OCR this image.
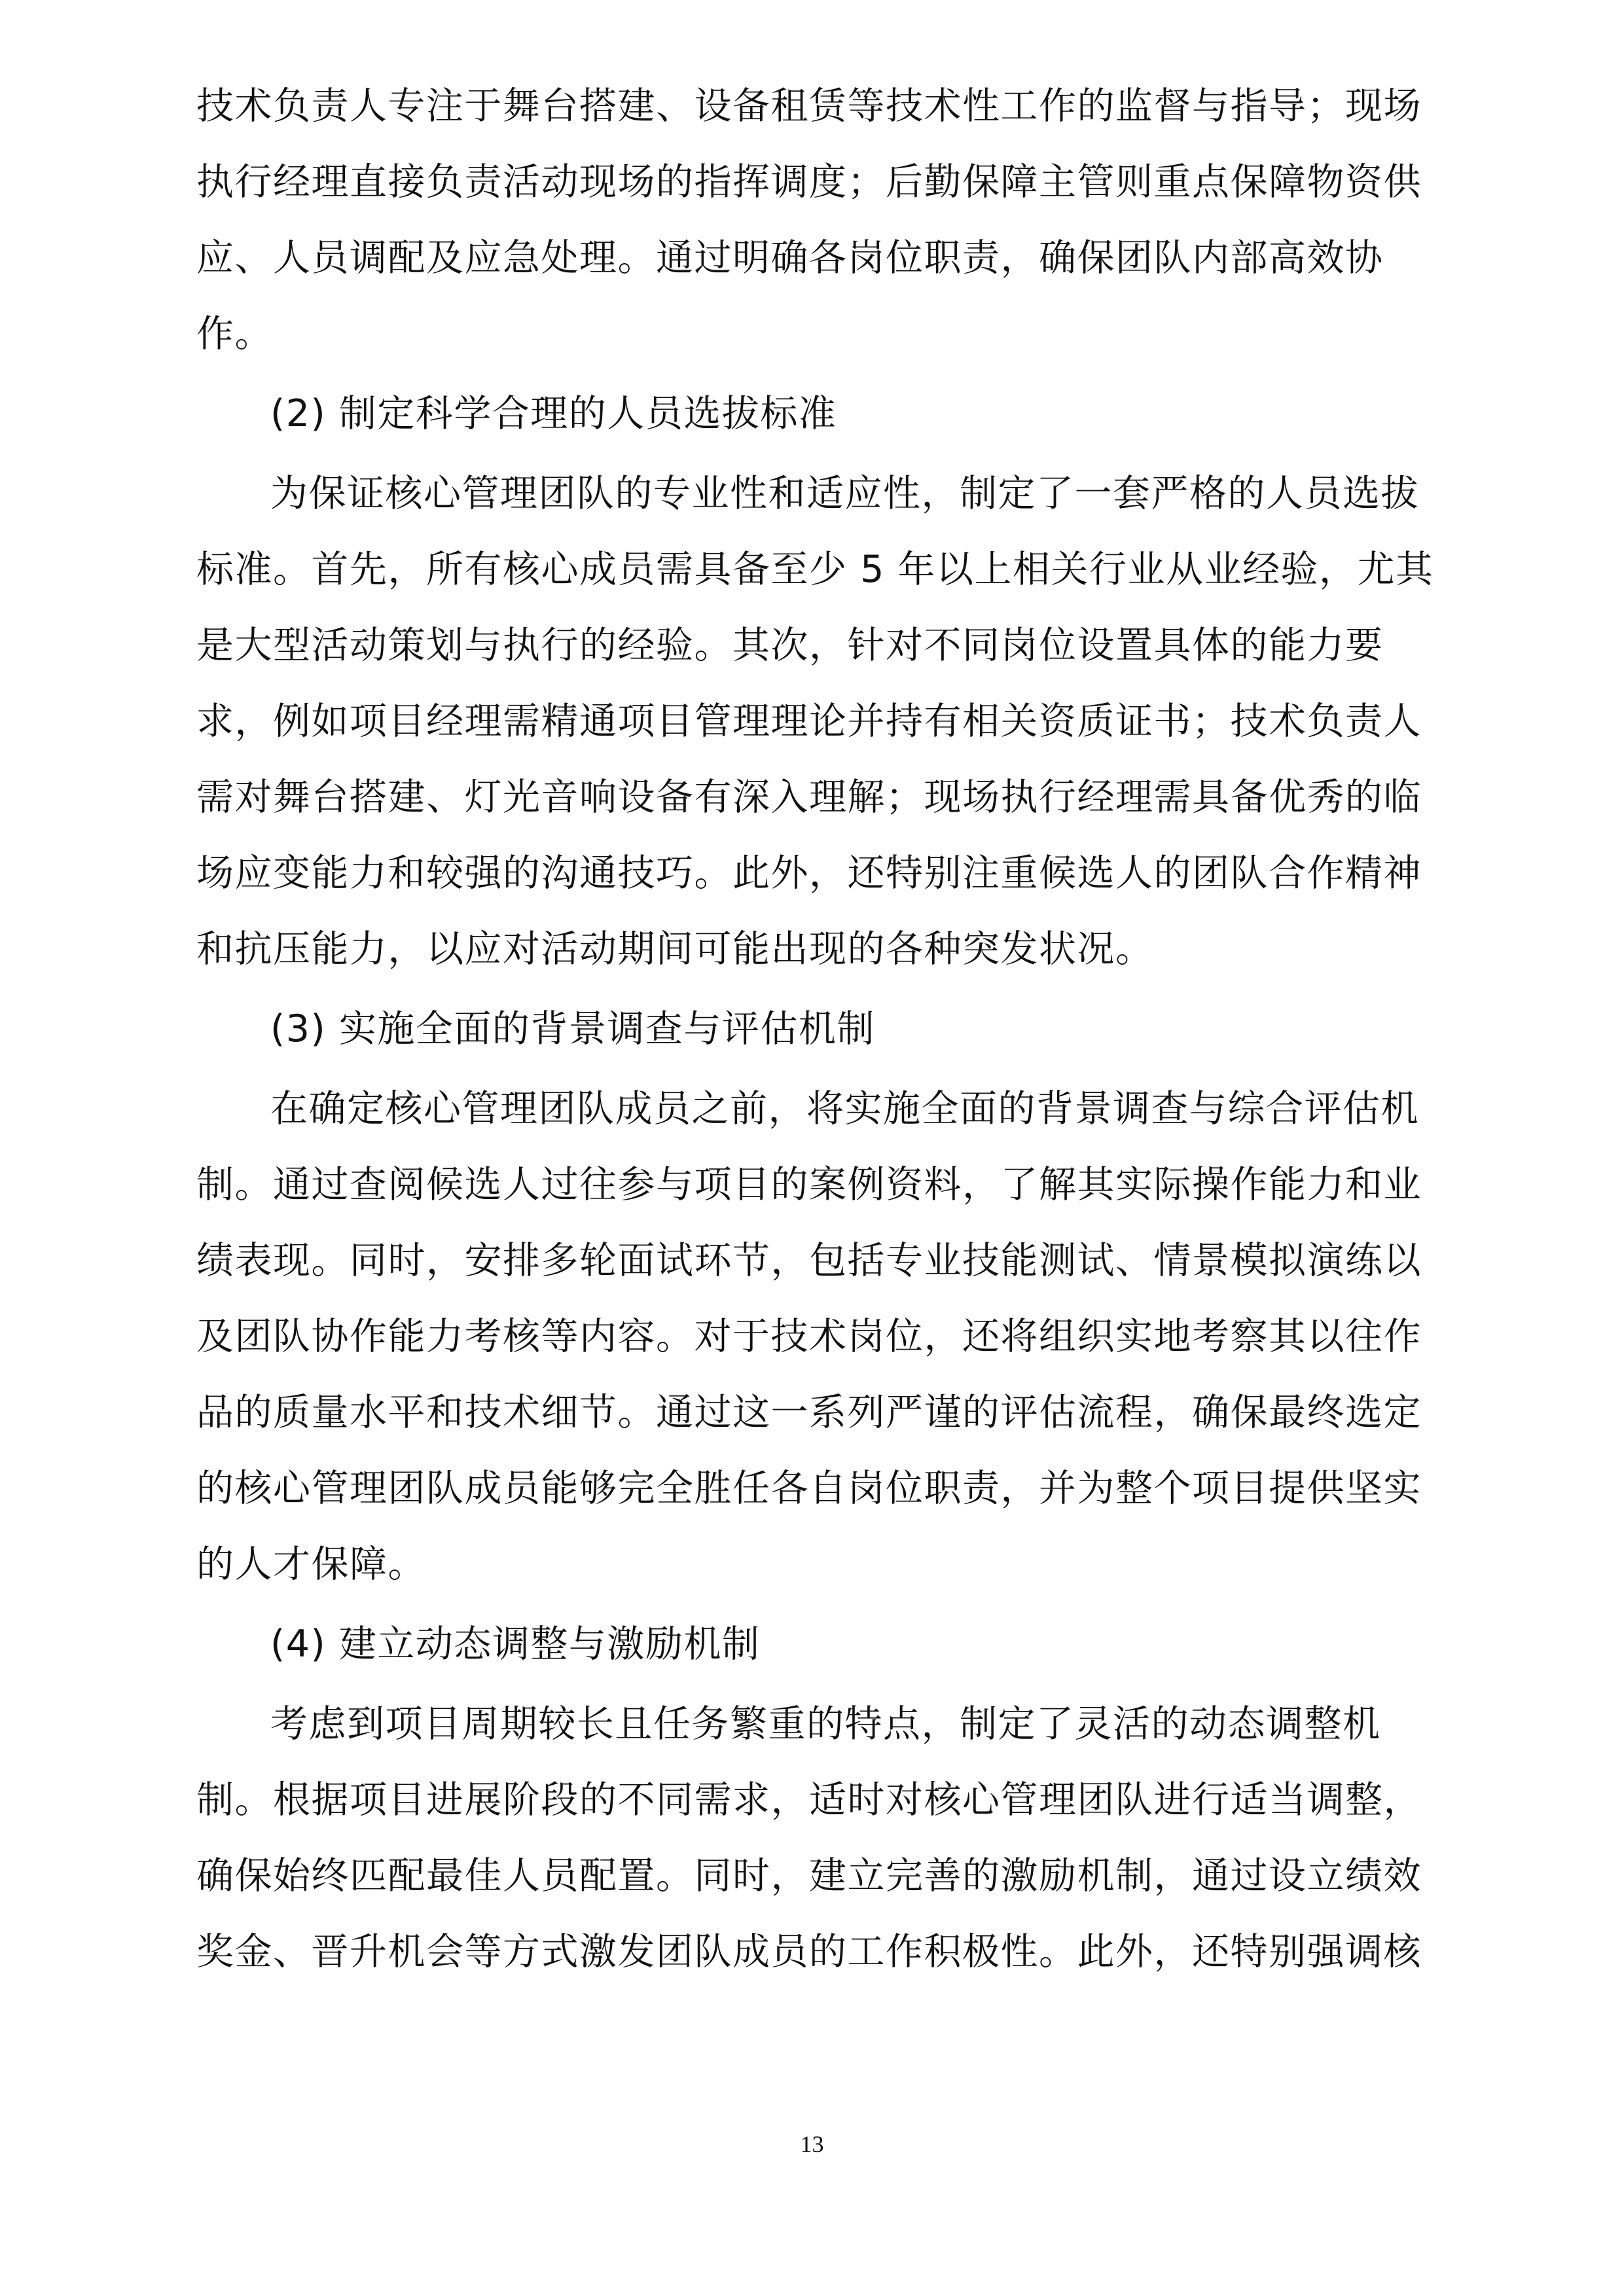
技术负责人专注于舞台搭建、设备租赁等技术性工作的监督与指导；现场
执行经理直接负责活动现场的指挥调度；后勤保障主管则重点保障物资供
应、人员调配及应急处理。通过明确各岗位职责，确保团队内部高效协
作。
(2) 制定科学合理的人员选拔标准
为保证核心管理团队的专业性和适应性，制定了一套严格的人员选拔
标准。首先，所有核心成员需具备至少 5 年以上相关行业从业经验，尤其
是大型活动策划与执行的经验。其次，针对不同岗位设置具体的能力要
求，例如项目经理需精通项目管理理论并持有相关资质证书；技术负责人
需对舞台搭建、灯光音响设备有深入理解；现场执行经理需具备优秀的临
场应变能力和较强的沟通技巧。此外，还特别注重候选人的团队合作精神
和抗压能力，以应对活动期间可能出现的各种突发状况。
(3) 实施全面的背景调查与评估机制
在确定核心管理团队成员之前，将实施全面的背景调查与综合评估机
制。通过查阅候选人过往参与项目的案例资料，了解其实际操作能力和业
绩表现。同时，安排多轮面试环节，包括专业技能测试、情景模拟演练以
及团队协作能力考核等内容。对于技术岗位，还将组织实地考察其以往作
品的质量水平和技术细节。通过这一系列严谨的评估流程，确保最终选定
的核心管理团队成员能够完全胜任各自岗位职责，并为整个项目提供坚实
的人才保障。
(4) 建立动态调整与激励机制
考虑到项目周期较长且任务繁重的特点，制定了灵活的动态调整机
制。根据项目进展阶段的不同需求，适时对核心管理团队进行适当调整，
确保始终匹配最佳人员配置。同时，建立完善的激励机制，通过设立绩效
奖金、晋升机会等方式激发团队成员的工作积极性。此外，还特别强调核
13
